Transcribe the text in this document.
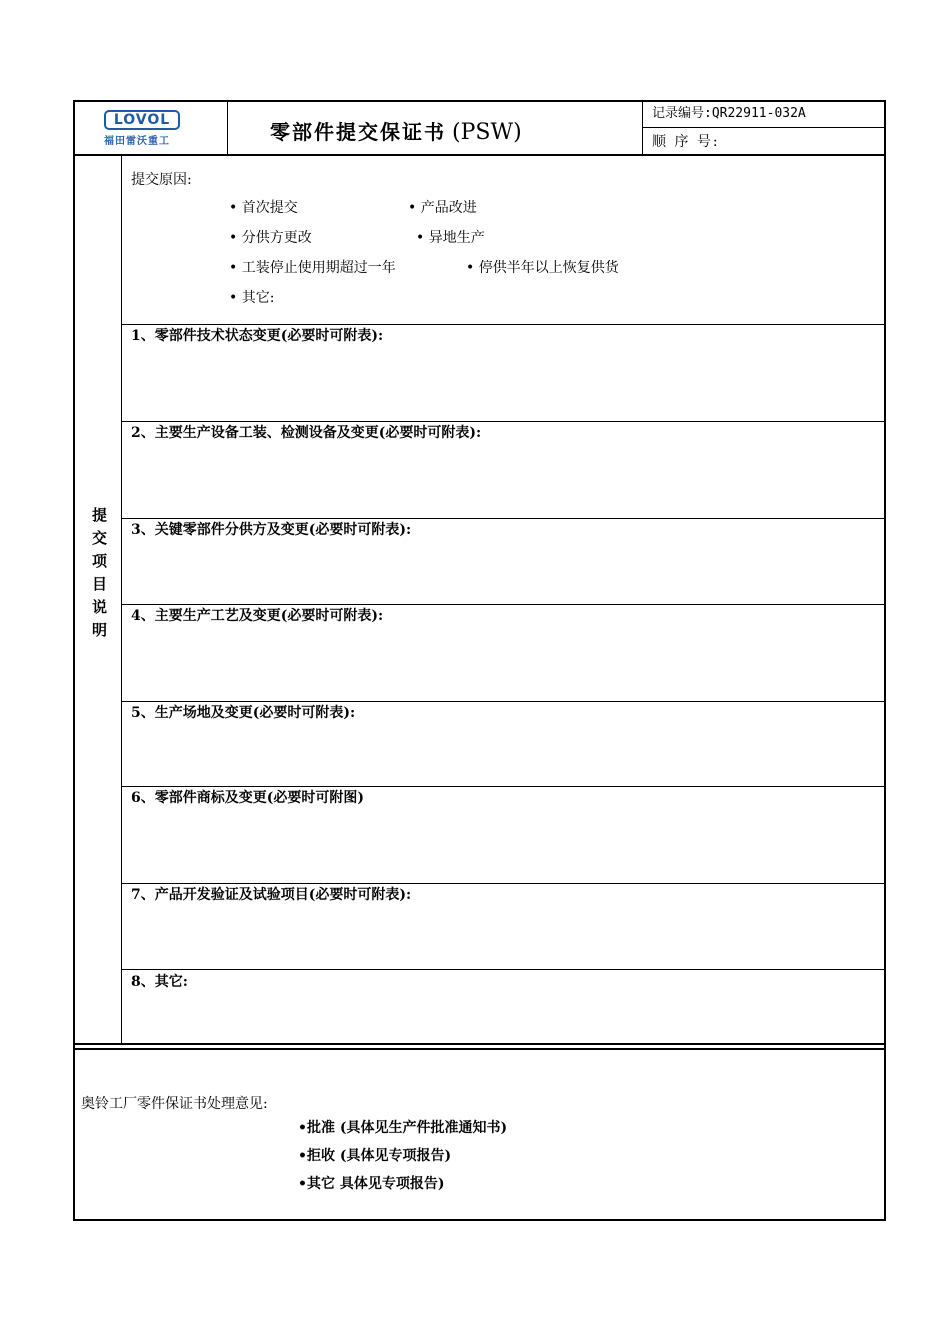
LOVOL
福田雷沃重工	零部件提交保证书 (PSW)
记录编号:QR22911-032A
顺 序 号:
提交项目说明
提交原因:
• 首次提交	• 产品改进
• 分供方更改	• 异地生产
• 工装停止使用期超过一年	• 停供半年以上恢复供货
• 其它:
1、零部件技术状态变更(必要时可附表):
2、主要生产设备工装、检测设备及变更(必要时可附表):
3、关键零部件分供方及变更(必要时可附表):
4、主要生产工艺及变更(必要时可附表):
5、生产场地及变更(必要时可附表):
6、零部件商标及变更(必要时可附图)
7、产品开发验证及试验项目(必要时可附表):
8、其它:
奥铃工厂零件保证书处理意见:
•批准 (具体见生产件批准通知书)
•拒收 (具体见专项报告)
•其它 具体见专项报告)
